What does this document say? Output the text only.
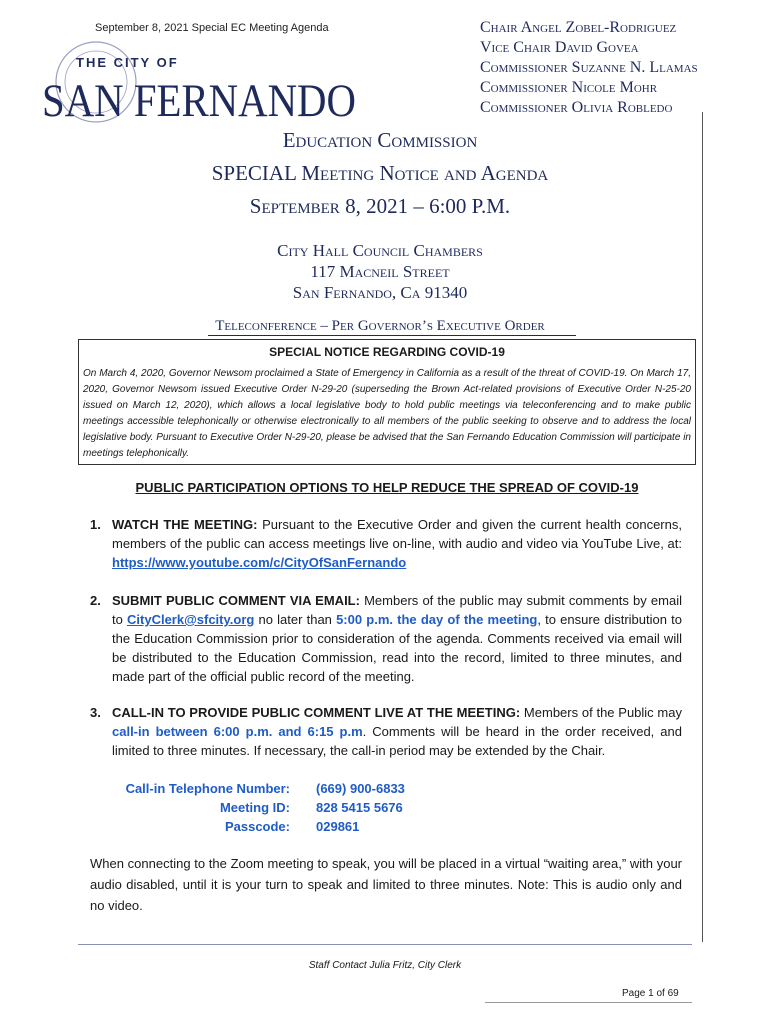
September 8, 2021 Special EC Meeting Agenda
THE CITY OF
SAN FERNANDO
Chair Angel Zobel-Rodriguez
Vice Chair David Govea
Commissioner Suzanne N. Llamas
Commissioner Nicole Mohr
Commissioner Olivia Robledo
Education Commission
SPECIAL Meeting Notice and Agenda
September 8, 2021 – 6:00 P.M.
City Hall Council Chambers
117 Macneil Street
San Fernando, Ca 91340
Teleconference – Per Governor’s Executive Order
SPECIAL NOTICE REGARDING COVID-19
On March 4, 2020, Governor Newsom proclaimed a State of Emergency in California as a result of the threat of COVID-19. On March 17, 2020, Governor Newsom issued Executive Order N-29-20 (superseding the Brown Act-related provisions of Executive Order N-25-20 issued on March 12, 2020), which allows a local legislative body to hold public meetings via teleconferencing and to make public meetings accessible telephonically or otherwise electronically to all members of the public seeking to observe and to address the local legislative body. Pursuant to Executive Order N-29-20, please be advised that the San Fernando Education Commission will participate in meetings telephonically.
PUBLIC PARTICIPATION OPTIONS TO HELP REDUCE THE SPREAD OF COVID-19
1. WATCH THE MEETING: Pursuant to the Executive Order and given the current health concerns, members of the public can access meetings live on-line, with audio and video via YouTube Live, at: https://www.youtube.com/c/CityOfSanFernando
2. SUBMIT PUBLIC COMMENT VIA EMAIL: Members of the public may submit comments by email to CityClerk@sfcity.org no later than 5:00 p.m. the day of the meeting, to ensure distribution to the Education Commission prior to consideration of the agenda. Comments received via email will be distributed to the Education Commission, read into the record, limited to three minutes, and made part of the official public record of the meeting.
3. CALL-IN TO PROVIDE PUBLIC COMMENT LIVE AT THE MEETING: Members of the Public may call-in between 6:00 p.m. and 6:15 p.m. Comments will be heard in the order received, and limited to three minutes. If necessary, the call-in period may be extended by the Chair.
Call-in Telephone Number: (669) 900-6833
Meeting ID: 828 5415 5676
Passcode: 029861
When connecting to the Zoom meeting to speak, you will be placed in a virtual “waiting area,” with your audio disabled, until it is your turn to speak and limited to three minutes. Note: This is audio only and no video.
Staff Contact Julia Fritz, City Clerk
Page 1 of 69
